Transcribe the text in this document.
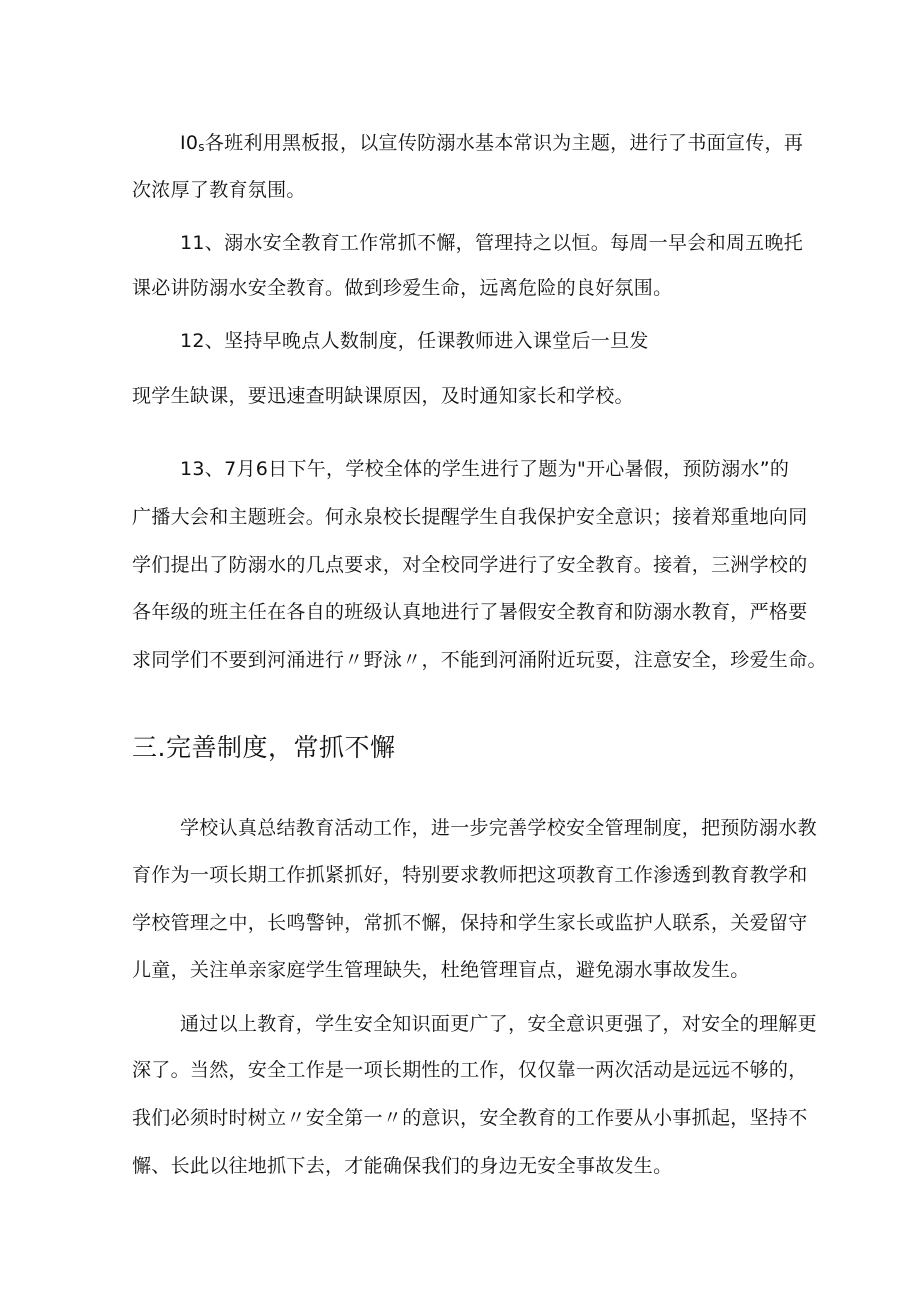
$I0_s$各班利用黑板报，以宣传防溺水基本常识为主题，进行了书面宣传，再
次浓厚了教育氛围。
11、溺水安全教育工作常抓不懈，管理持之以恒。每周一早会和周五晚托
课必讲防溺水安全教育。做到珍爱生命，远离危险的良好氛围。
12、坚持早晚点人数制度，任课教师进入课堂后一旦发
现学生缺课，要迅速查明缺课原因，及时通知家长和学校。
13、7月6日下午，学校全体的学生进行了题为"开心暑假，预防溺水”的
广播大会和主题班会。何永泉校长提醒学生自我保护安全意识；接着郑重地向同
学们提出了防溺水的几点要求，对全校同学进行了安全教育。接着，三洲学校的
各年级的班主任在各自的班级认真地进行了暑假安全教育和防溺水教育，严格要
求同学们不要到河涌进行〃野泳〃，不能到河涌附近玩耍，注意安全，珍爱生命。
三.完善制度，常抓不懈
学校认真总结教育活动工作，进一步完善学校安全管理制度，把预防溺水教
育作为一项长期工作抓紧抓好，特别要求教师把这项教育工作渗透到教育教学和
学校管理之中，长鸣警钟，常抓不懈，保持和学生家长或监护人联系，关爱留守
儿童，关注单亲家庭学生管理缺失，杜绝管理盲点，避免溺水事故发生。
通过以上教育，学生安全知识面更广了，安全意识更强了，对安全的理解更
深了。当然，安全工作是一项长期性的工作，仅仅靠一两次活动是远远不够的，
我们必须时时树立〃安全第一〃的意识，安全教育的工作要从小事抓起，坚持不
懈、长此以往地抓下去，才能确保我们的身边无安全事故发生。
